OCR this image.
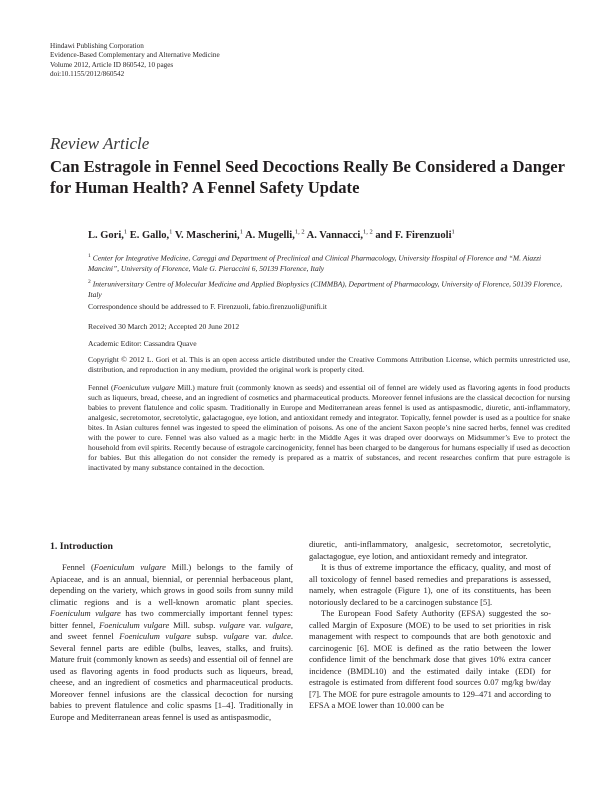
Hindawi Publishing Corporation
Evidence-Based Complementary and Alternative Medicine
Volume 2012, Article ID 860542, 10 pages
doi:10.1155/2012/860542
Review Article
Can Estragole in Fennel Seed Decoctions Really Be Considered a Danger for Human Health? A Fennel Safety Update
L. Gori,$^1$ E. Gallo,$^1$ V. Mascherini,$^1$ A. Mugelli,$^{1, 2}$ A. Vannacci,$^{1, 2}$ and F. Firenzuoli$^1$
$^1$ Center for Integrative Medicine, Careggi and Department of Preclinical and Clinical Pharmacology, University Hospital of Florence and “M. Aiazzi Mancini”, University of Florence, Viale G. Pieraccini 6, 50139 Florence, Italy
$^2$ Interuniversitary Centre of Molecular Medicine and Applied Biophysics (CIMMBA), Department of Pharmacology, University of Florence, 50139 Florence, Italy
Correspondence should be addressed to F. Firenzuoli, fabio.firenzuoli@unifi.it
Received 30 March 2012; Accepted 20 June 2012
Academic Editor: Cassandra Quave
Copyright © 2012 L. Gori et al. This is an open access article distributed under the Creative Commons Attribution License, which permits unrestricted use, distribution, and reproduction in any medium, provided the original work is properly cited.
Fennel (Foeniculum vulgare Mill.) mature fruit (commonly known as seeds) and essential oil of fennel are widely used as flavoring agents in food products such as liqueurs, bread, cheese, and an ingredient of cosmetics and pharmaceutical products. Moreover fennel infusions are the classical decoction for nursing babies to prevent flatulence and colic spasm. Traditionally in Europe and Mediterranean areas fennel is used as antispasmodic, diuretic, anti-inflammatory, analgesic, secretomotor, secretolytic, galactagogue, eye lotion, and antioxidant remedy and integrator. Topically, fennel powder is used as a poultice for snake bites. In Asian cultures fennel was ingested to speed the elimination of poisons. As one of the ancient Saxon people’s nine sacred herbs, fennel was credited with the power to cure. Fennel was also valued as a magic herb: in the Middle Ages it was draped over doorways on Midsummer’s Eve to protect the household from evil spirits. Recently because of estragole carcinogenicity, fennel has been charged to be dangerous for humans especially if used as decoction for babies. But this allegation do not consider the remedy is prepared as a matrix of substances, and recent researches confirm that pure estragole is inactivated by many substance contained in the decoction.
1. Introduction

Fennel (Foeniculum vulgare Mill.) belongs to the family of Apiaceae, and is an annual, biennial, or perennial herbaceous plant, depending on the variety, which grows in good soils from sunny mild climatic regions and is a well-known aromatic plant species. Foeniculum vulgare has two commercially important fennel types: bitter fennel, Foeniculum vulgare Mill. subsp. vulgare var. vulgare, and sweet fennel Foeniculum vulgare subsp. vulgare var. dulce. Several fennel parts are edible (bulbs, leaves, stalks, and fruits). Mature fruit (commonly known as seeds) and essential oil of fennel are used as flavoring agents in food products such as liqueurs, bread, cheese, and an ingredient of cosmetics and pharmaceutical products. Moreover fennel infusions are the classical decoction for nursing babies to prevent flatulence and colic spasms [1–4]. Traditionally in Europe and Mediterranean areas fennel is used as antispasmodic,

diuretic, anti-inflammatory, analgesic, secretomotor, secretolytic, galactagogue, eye lotion, and antioxidant remedy and integrator.

It is thus of extreme importance the efficacy, quality, and most of all toxicology of fennel based remedies and preparations is assessed, namely, when estragole (Figure 1), one of its constituents, has been notoriously declared to be a carcinogen substance [5].

The European Food Safety Authority (EFSA) suggested the so-called Margin of Exposure (MOE) to be used to set priorities in risk management with respect to compounds that are both genotoxic and carcinogenic [6]. MOE is defined as the ratio between the lower confidence limit of the benchmark dose that gives 10% extra cancer incidence (BMDL10) and the estimated daily intake (EDI) for estragole is estimated from different food sources 0.07 mg/kg bw/day [7]. The MOE for pure estragole amounts to 129–471 and according to EFSA a MOE lower than 10.000 can be
